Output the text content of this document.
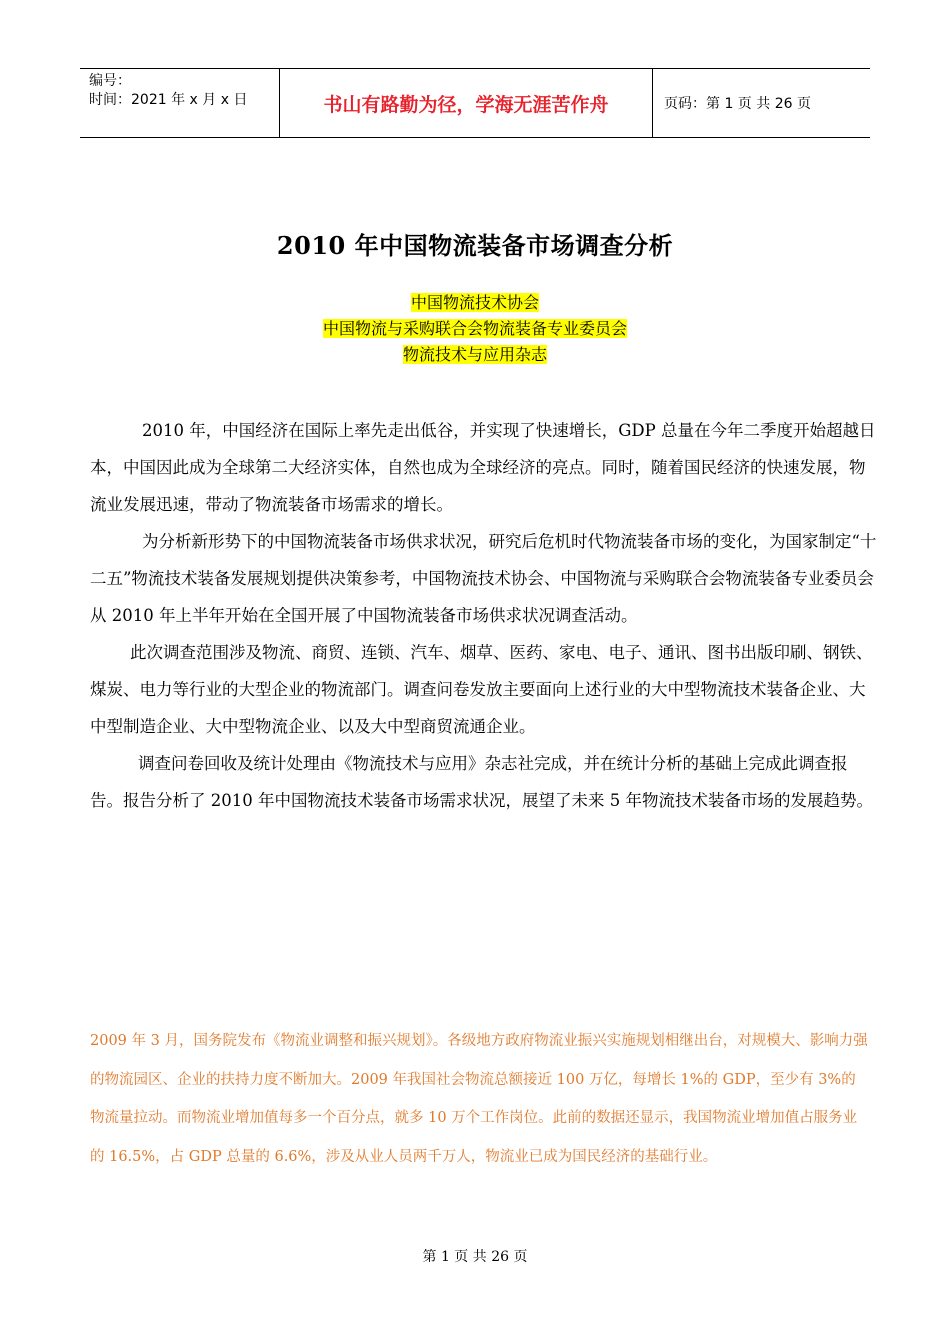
编号：
时间：2021 年 x 月 x 日	书山有路勤为径，学海无涯苦作舟	页码：第 1 页 共 26 页
2010 年中国物流装备市场调查分析
中国物流技术协会
中国物流与采购联合会物流装备专业委员会
物流技术与应用杂志

2010 年，中国经济在国际上率先走出低谷，并实现了快速增长，GDP 总量在今年二季度开始超越日本，中国因此成为全球第二大经济实体，自然也成为全球经济的亮点。同时，随着国民经济的快速发展，物流业发展迅速，带动了物流装备市场需求的增长。

为分析新形势下的中国物流装备市场供求状况，研究后危机时代物流装备市场的变化，为国家制定“十二五”物流技术装备发展规划提供决策参考，中国物流技术协会、中国物流与采购联合会物流装备专业委员会从 2010 年上半年开始在全国开展了中国物流装备市场供求状况调查活动。

此次调查范围涉及物流、商贸、连锁、汽车、烟草、医药、家电、电子、通讯、图书出版印刷、钢铁、煤炭、电力等行业的大型企业的物流部门。调查问卷发放主要面向上述行业的大中型物流技术装备企业、大中型制造企业、大中型物流企业、以及大中型商贸流通企业。

调查问卷回收及统计处理由《物流技术与应用》杂志社完成，并在统计分析的基础上完成此调查报告。报告分析了 2010 年中国物流技术装备市场需求状况，展望了未来 5 年物流技术装备市场的发展趋势。

2009 年 3 月，国务院发布《物流业调整和振兴规划》。各级地方政府物流业振兴实施规划相继出台，对规模大、影响力强的物流园区、企业的扶持力度不断加大。2009 年我国社会物流总额接近 100 万亿，每增长 1%的 GDP，至少有 3%的物流量拉动。而物流业增加值每多一个百分点，就多 10 万个工作岗位。此前的数据还显示，我国物流业增加值占服务业的 16.5%，占 GDP 总量的 6.6%，涉及从业人员两千万人，物流业已成为国民经济的基础行业。
第 1 页 共 26 页
